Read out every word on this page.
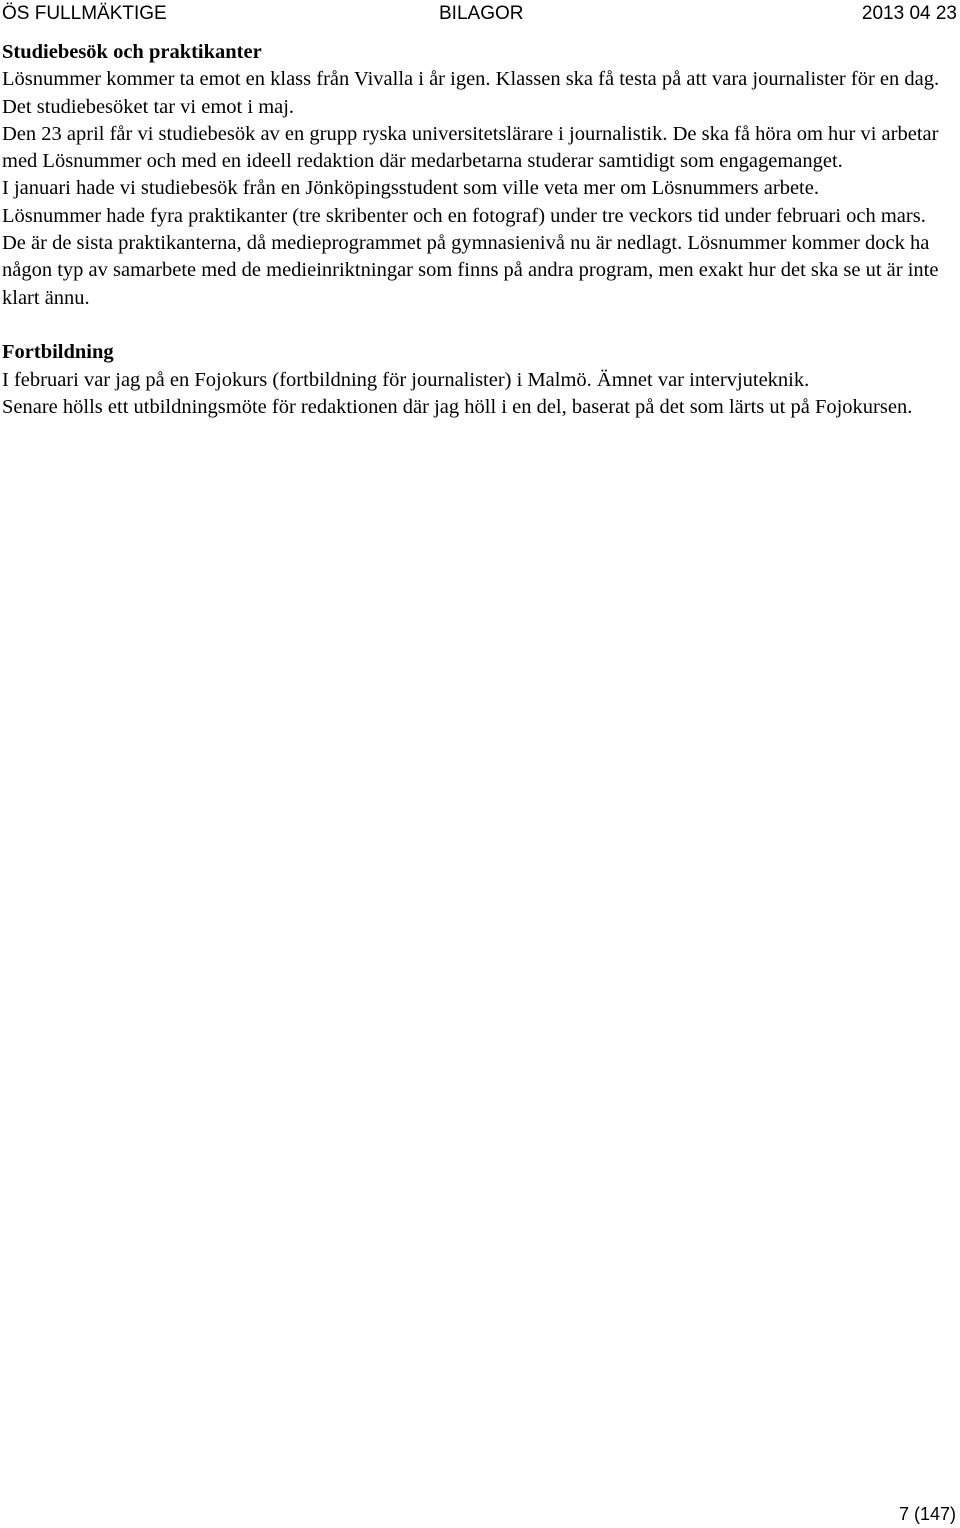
ÖS FULLMÄKTIGE	BILAGOR	2013 04 23

Studiebesök och praktikanter

Lösnummer kommer ta emot en klass från Vivalla i år igen. Klassen ska få testa på att vara journalister för en dag. Det studiebesöket tar vi emot i maj.

Den 23 april får vi studiebesök av en grupp ryska universitetslärare i journalistik. De ska få höra om hur vi arbetar med Lösnummer och med en ideell redaktion där medarbetarna studerar samtidigt som engagemanget.

I januari hade vi studiebesök från en Jönköpingsstudent som ville veta mer om Lösnummers arbete.

Lösnummer hade fyra praktikanter (tre skribenter och en fotograf) under tre veckors tid under februari och mars. De är de sista praktikanterna, då medieprogrammet på gymnasienivå nu är nedlagt. Lösnummer kommer dock ha någon typ av samarbete med de medieinriktningar som finns på andra program, men exakt hur det ska se ut är inte klart ännu.

Fortbildning

I februari var jag på en Fojokurs (fortbildning för journalister) i Malmö. Ämnet var intervjuteknik.

Senare hölls ett utbildningsmöte för redaktionen där jag höll i en del, baserat på det som lärts ut på Fojokursen.

7 (147)
